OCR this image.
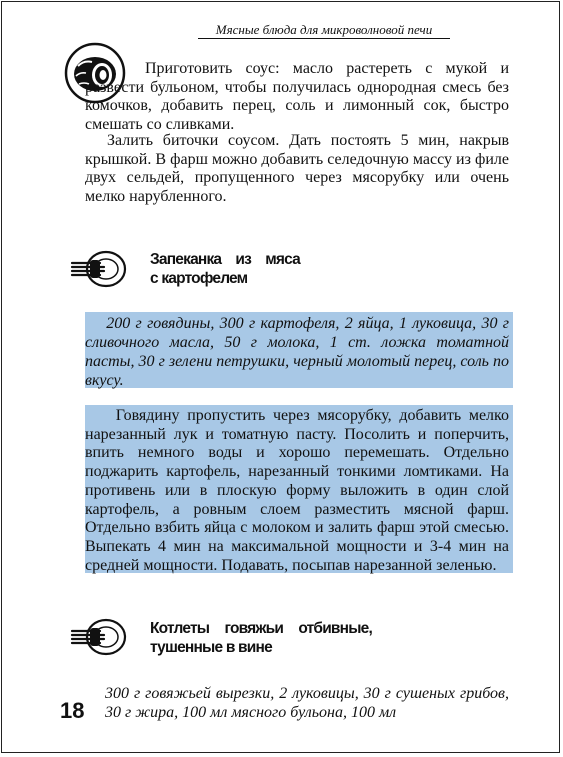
Мясные блюда для микроволновой печи

Приготовить соус: масло растереть с мукой и развести бульоном, чтобы получилась однородная смесь без комочков, добавить перец, соль и лимонный сок, быстро смешать со сливками.

Залить биточки соусом. Дать постоять 5 мин, накрыв крышкой. В фарш можно добавить селедочную массу из филе двух сельдей, пропущенного через мясорубку или очень мелко нарубленного.

Запеканка из мяса
с картофелем

200 г говядины, 300 г картофеля, 2 яйца, 1 луковица, 30 г сливочного масла, 50 г молока, 1 ст. ложка томатной пасты, 30 г зелени петрушки, черный молотый перец, соль по вкусу.

Говядину пропустить через мясорубку, добавить мелко нарезанный лук и томатную пасту. Посолить и поперчить, впить немного воды и хорошо перемешать. Отдельно поджарить картофель, нарезанный тонкими ломтиками. На противень или в плоскую форму выложить в один слой картофель, а ровным слоем разместить мясной фарш. Отдельно взбить яйца с молоком и залить фарш этой смесью. Выпекать 4 мин на максимальной мощности и 3-4 мин на средней мощности. Подавать, посыпав нарезанной зеленью.

Котлеты говяжьи отбивные,
тушенные в вине
18

300 г говяжьей вырезки, 2 луковицы, 30 г сушеных грибов, 30 г жира, 100 мл мясного бульона, 100 мл
